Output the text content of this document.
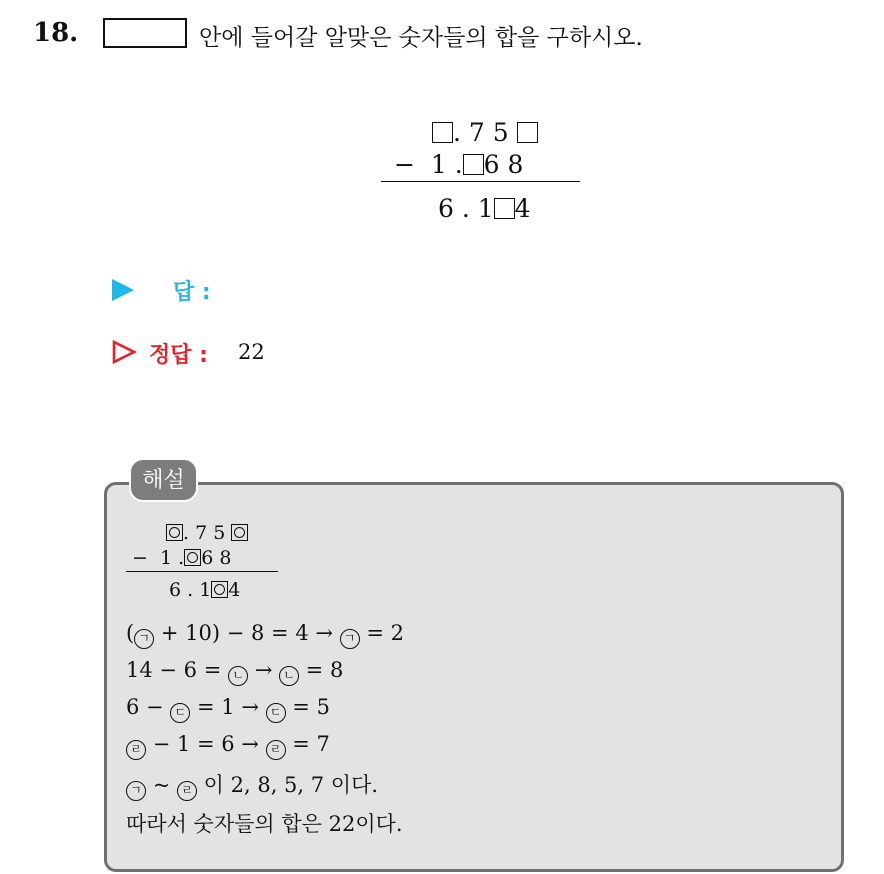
18.	안에 들어갈 알맞은 숫자들의 합을 구하시오.
. 7 5
− 1 . 6 8
6 . 1 4
답 :
정답 : 22
해설
. 7 5
− 1 . 6 8
6 . 1 4
( ㄱ + 10) − 8 = 4 → ㄱ = 2
14 − 6 = ㄴ → ㄴ = 8
6 − ㄷ = 1 → ㄷ = 5
ㄹ − 1 = 6 → ㄹ = 7
ㄱ ~ ㄹ 이 2, 8, 5, 7 이다.
따라서 숫자들의 합은 22이다.
